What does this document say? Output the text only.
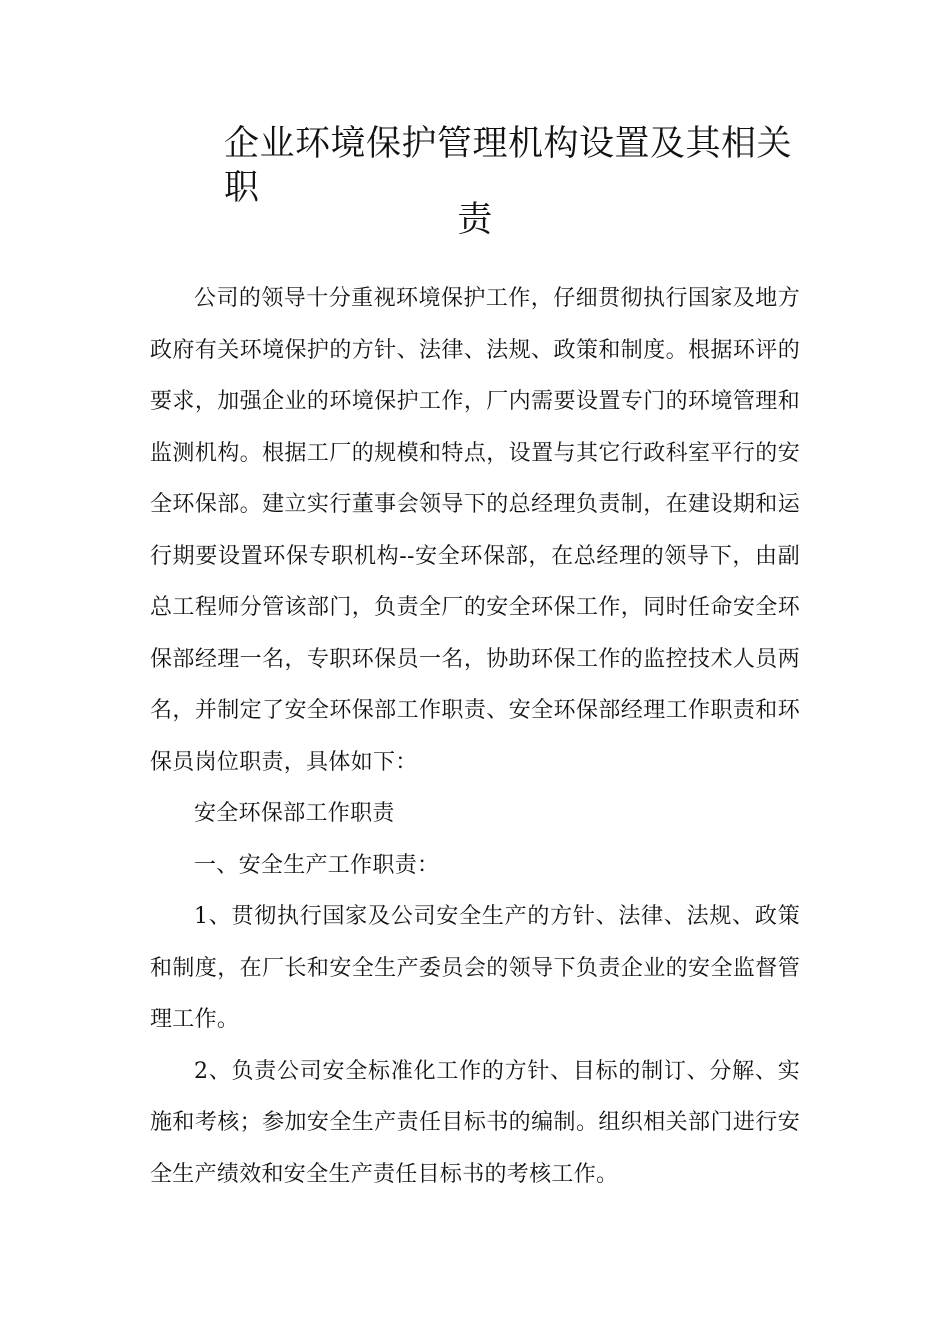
企业环境保护管理机构设置及其相关职
责

公司的领导十分重视环境保护工作，仔细贯彻执行国家及地方政府有关环境保护的方针、法律、法规、政策和制度。根据环评的要求，加强企业的环境保护工作，厂内需要设置专门的环境管理和监测机构。根据工厂的规模和特点，设置与其它行政科室平行的安全环保部。建立实行董事会领导下的总经理负责制，在建设期和运行期要设置环保专职机构--安全环保部，在总经理的领导下，由副总工程师分管该部门，负责全厂的安全环保工作，同时任命安全环保部经理一名，专职环保员一名，协助环保工作的监控技术人员两名，并制定了安全环保部工作职责、安全环保部经理工作职责和环保员岗位职责，具体如下：

安全环保部工作职责

一、安全生产工作职责：

1、贯彻执行国家及公司安全生产的方针、法律、法规、政策和制度，在厂长和安全生产委员会的领导下负责企业的安全监督管理工作。

2、负责公司安全标准化工作的方针、目标的制订、分解、实施和考核；参加安全生产责任目标书的编制。组织相关部门进行安全生产绩效和安全生产责任目标书的考核工作。
